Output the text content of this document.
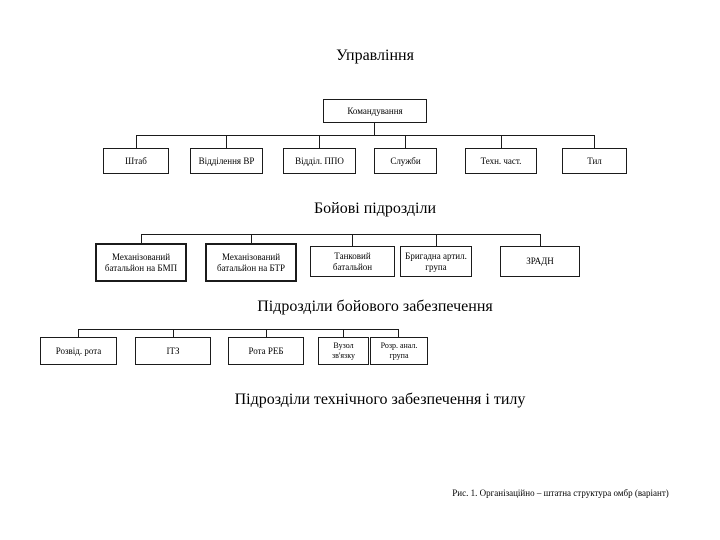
Управління
Командування
Штаб	Відділення ВР	Відділ. ППО	Служби	Техн. част.	Тил
Бойові підрозділи
Механізований батальйон на БМП
Механізований батальйон на БТР
Танковий батальйон
Бригадна артил. група
ЗРАДН
Підрозділи бойового забезпечення
Розвід. рота	ІТЗ	Рота РЕБ	Вузол зв'язку
Розр. анал. група
Підрозділи технічного забезпечення і тилу
Рис. 1. Організаційно – штатна структура омбр (варіант)
